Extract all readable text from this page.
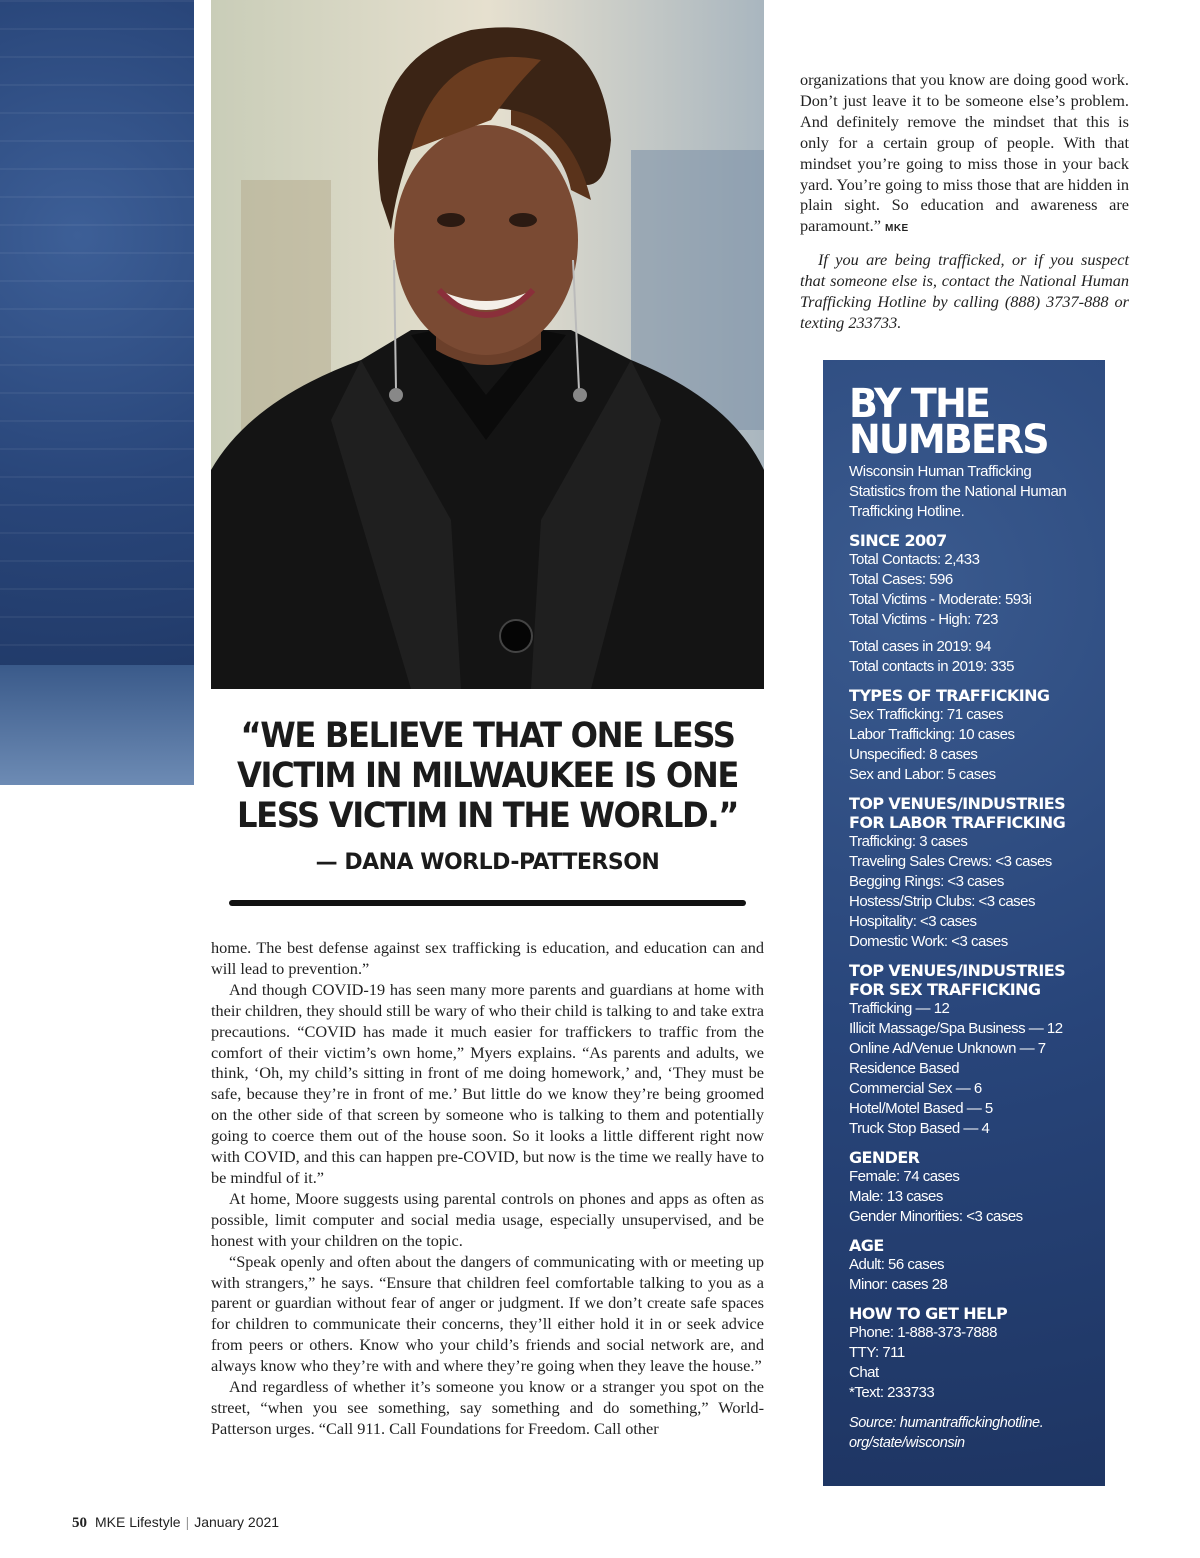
“WE BELIEVE THAT ONE LESS
VICTIM IN MILWAUKEE IS ONE
LESS VICTIM IN THE WORLD.”
— DANA WORLD-PATTERSON

home. The best defense against sex trafficking is education, and education can and will lead to prevention.”

And though COVID-19 has seen many more parents and guardians at home with their children, they should still be wary of who their child is talking to and take extra precautions. “COVID has made it much easier for traffickers to traffic from the comfort of their victim’s own home,” Myers explains. “As parents and adults, we think, ‘Oh, my child’s sitting in front of me doing homework,’ and, ‘They must be safe, because they’re in front of me.’ But little do we know they’re being groomed on the other side of that screen by someone who is talking to them and potentially going to coerce them out of the house soon. So it looks a little different right now with COVID, and this can happen pre-COVID, but now is the time we really have to be mindful of it.”

At home, Moore suggests using parental controls on phones and apps as often as possible, limit computer and social media usage, especially unsupervised, and be honest with your children on the topic.

“Speak openly and often about the dangers of communicating with or meeting up with strangers,” he says. “Ensure that children feel comfortable talking to you as a parent or guardian without fear of anger or judgment. If we don’t create safe spaces for children to communicate their concerns, they’ll either hold it in or seek advice from peers or others. Know who your child’s friends and social network are, and always know who they’re with and where they’re going when they leave the house.”

And regardless of whether it’s someone you know or a stranger you spot on the street, “when you see something, say something and do something,” World-Patterson urges. “Call 911. Call Foundations for Freedom. Call other

organizations that you know are doing good work. Don’t just leave it to be someone else’s problem. And definitely remove the mindset that this is only for a certain group of people. With that mindset you’re going to miss those in your back yard. You’re going to miss those that are hidden in plain sight. So education and awareness are paramount.” MKE

If you are being trafficked, or if you suspect that someone else is, contact the National Human Trafficking Hotline by calling (888) 3737-888 or texting 233733.

BY THE
NUMBERS
Wisconsin Human Trafficking Statistics from the National Human Trafficking Hotline.
SINCE 2007
Total Contacts: 2,433
Total Cases: 596
Total Victims - Moderate: 593i
Total Victims - High: 723
Total cases in 2019: 94
Total contacts in 2019: 335
TYPES OF TRAFFICKING
Sex Trafficking: 71 cases
Labor Trafficking: 10 cases
Unspecified: 8 cases
Sex and Labor: 5 cases
TOP VENUES/INDUSTRIES
FOR LABOR TRAFFICKING
Trafficking: 3 cases
Traveling Sales Crews: <3 cases
Begging Rings: <3 cases
Hostess/Strip Clubs: <3 cases
Hospitality: <3 cases
Domestic Work: <3 cases
TOP VENUES/INDUSTRIES
FOR SEX TRAFFICKING
Trafficking — 12
Illicit Massage/Spa Business — 12
Online Ad/Venue Unknown — 7
Residence Based
Commercial Sex — 6
Hotel/Motel Based — 5
Truck Stop Based — 4
GENDER
Female: 74 cases
Male: 13 cases
Gender Minorities: <3 cases
AGE
Adult: 56 cases
Minor: cases 28
HOW TO GET HELP
Phone: 1-888-373-7888
TTY: 711
Chat
*Text: 233733
Source: humantraffickinghotline.
org/state/wisconsin
50 MKE Lifestyle | January 2021
